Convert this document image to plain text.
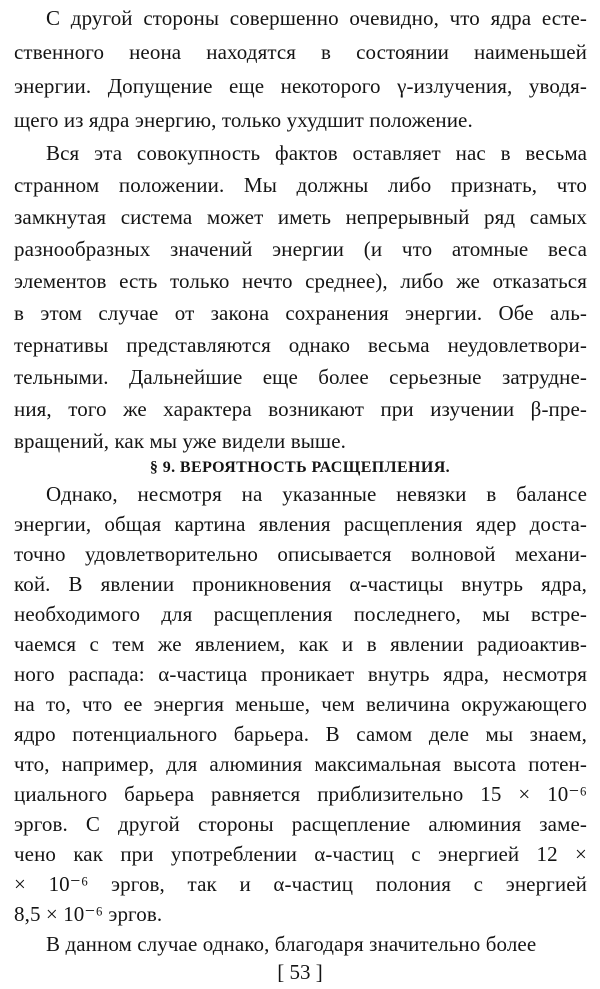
С другой стороны совершенно очевидно, что ядра есте-
ственного неона находятся в состоянии наименьшей
энергии. Допущение еще некоторого γ-излучения, уводя-
щего из ядра энергию, только ухудшит положение.
Вся эта совокупность фактов оставляет нас в весьма
странном положении. Мы должны либо признать, что
замкнутая система может иметь непрерывный ряд самых
разнообразных значений энергии (и что атомные веса
элементов есть только нечто среднее), либо же отказаться
в этом случае от закона сохранения энергии. Обе аль-
тернативы представляются однако весьма неудовлетвори-
тельными. Дальнейшие еще более серьезные затрудне-
ния, того же характера возникают при изучении β-пре-
вращений, как мы уже видели выше.
§ 9. ВЕРОЯТНОСТЬ РАСЩЕПЛЕНИЯ.
Однако, несмотря на указанные невязки в балансе
энергии, общая картина явления расщепления ядер доста-
точно удовлетворительно описывается волновой механи-
кой. В явлении проникновения α-частицы внутрь ядра,
необходимого для расщепления последнего, мы встре-
чаемся с тем же явлением, как и в явлении радиоактив-
ного распада: α-частица проникает внутрь ядра, несмотря
на то, что ее энергия меньше, чем величина окружающего
ядро потенциального барьера. В самом деле мы знаем,
что, например, для алюминия максимальная высота потен-
циального барьера равняется приблизительно 15 × 10⁻⁶
эргов. С другой стороны расщепление алюминия заме-
чено как при употреблении α-частиц с энергией 12 ×
× 10⁻⁶ эргов, так и α-частиц полония с энергией
8,5 × 10⁻⁶ эргов.
В данном случае однако, благодаря значительно более
[ 53 ]
